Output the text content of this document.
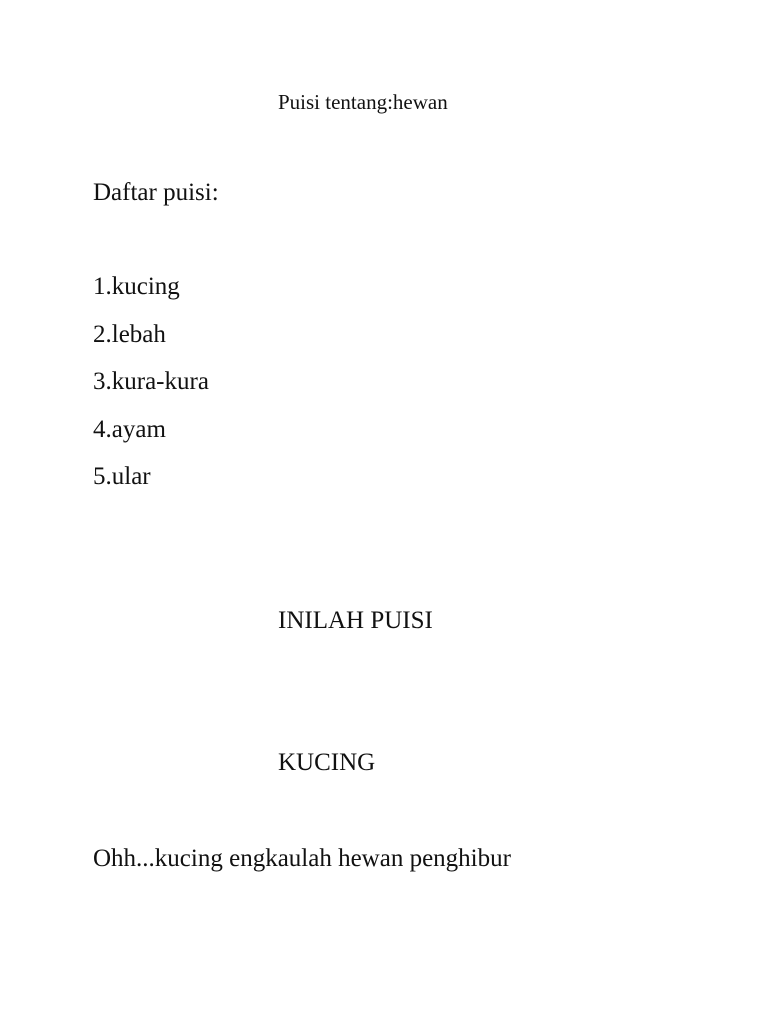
Puisi tentang:hewan
Daftar puisi:
1.kucing
2.lebah
3.kura-kura
4.ayam
5.ular
INILAH PUISI
KUCING
Ohh...kucing engkaulah hewan penghibur
